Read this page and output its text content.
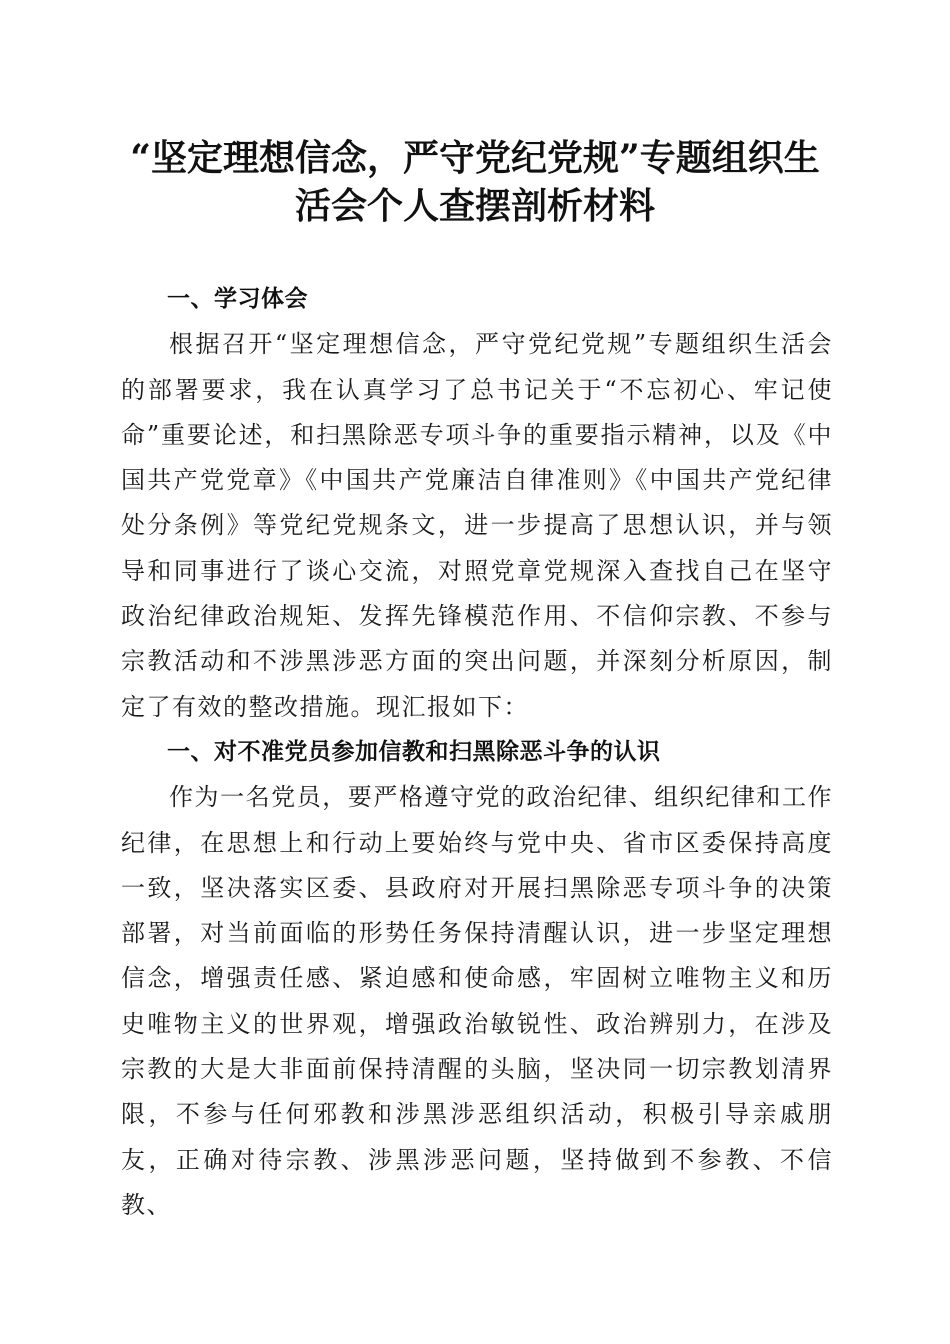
“坚定理想信念，严守党纪党规”专题组织生
活会个人查摆剖析材料

一、学习体会

根据召开“坚定理想信念，严守党纪党规”专题组织生活会的部署要求，我在认真学习了总书记关于“不忘初心、牢记使命”重要论述，和扫黑除恶专项斗争的重要指示精神，以及《中国共产党党章》《中国共产党廉洁自律准则》《中国共产党纪律处分条例》等党纪党规条文，进一步提高了思想认识，并与领导和同事进行了谈心交流，对照党章党规深入查找自己在坚守政治纪律政治规矩、发挥先锋模范作用、不信仰宗教、不参与宗教活动和不涉黑涉恶方面的突出问题，并深刻分析原因，制定了有效的整改措施。现汇报如下：

一、对不准党员参加信教和扫黑除恶斗争的认识

作为一名党员，要严格遵守党的政治纪律、组织纪律和工作纪律，在思想上和行动上要始终与党中央、省市区委保持高度一致，坚决落实区委、县政府对开展扫黑除恶专项斗争的决策部署，对当前面临的形势任务保持清醒认识，进一步坚定理想信念，增强责任感、紧迫感和使命感，牢固树立唯物主义和历史唯物主义的世界观，增强政治敏锐性、政治辨别力，在涉及宗教的大是大非面前保持清醒的头脑，坚决同一切宗教划清界限，不参与任何邪教和涉黑涉恶组织活动，积极引导亲戚朋友，正确对待宗教、涉黑涉恶问题，坚持做到不参教、不信教、
